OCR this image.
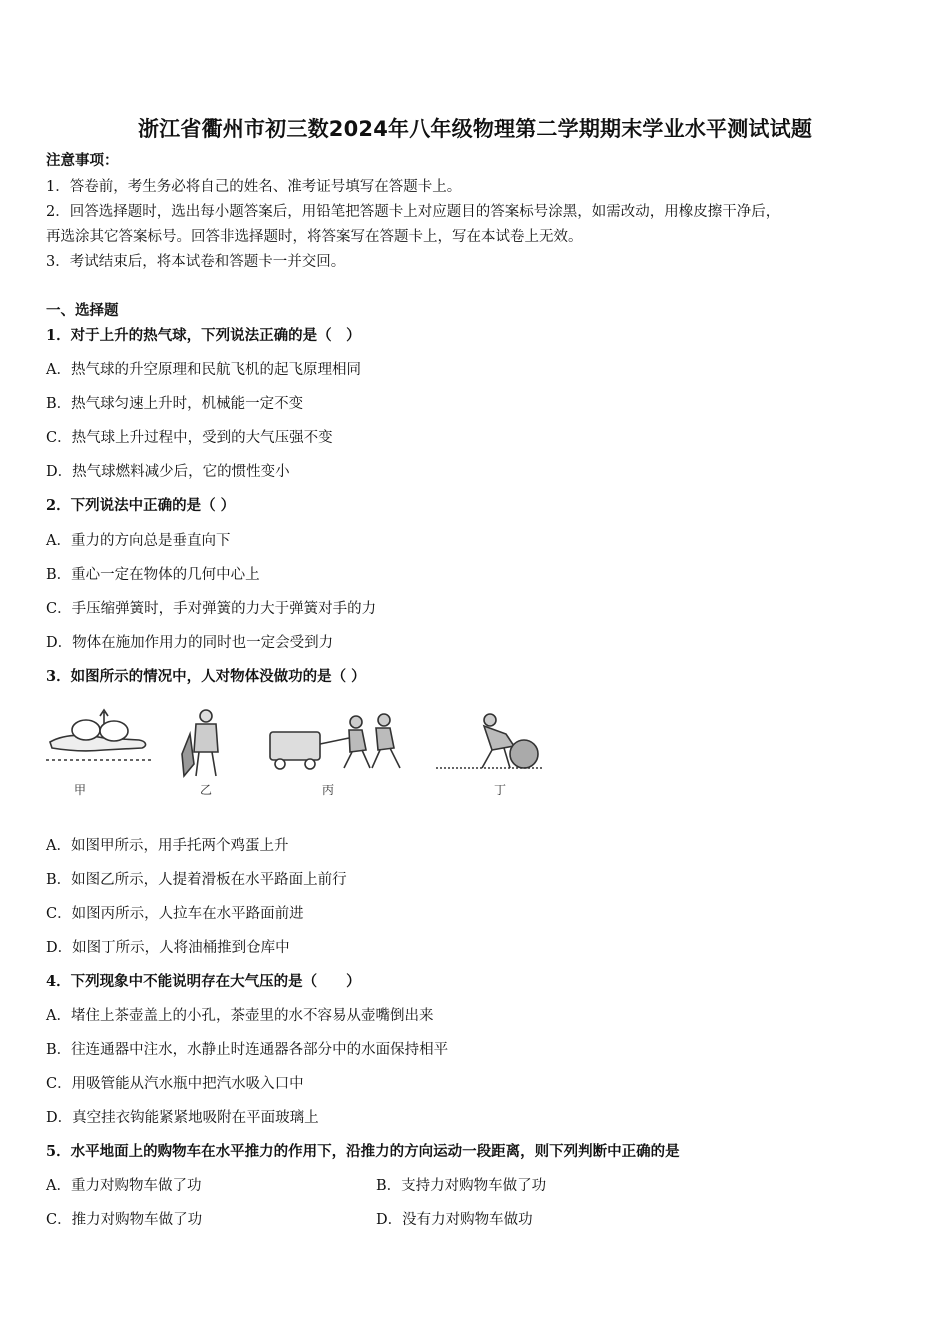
浙江省衢州市初三数2024年八年级物理第二学期期末学业水平测试试题
注意事项：
1．答卷前，考生务必将自己的姓名、准考证号填写在答题卡上。
2．回答选择题时，选出每小题答案后，用铅笔把答题卡上对应题目的答案标号涂黑，如需改动，用橡皮擦干净后，
再选涂其它答案标号。回答非选择题时，将答案写在答题卡上，写在本试卷上无效。
3．考试结束后，将本试卷和答题卡一并交回。
一、选择题
1．对于上升的热气球，下列说法正确的是（　）
A．热气球的升空原理和民航飞机的起飞原理相同
B．热气球匀速上升时，机械能一定不变
C．热气球上升过程中，受到的大气压强不变
D．热气球燃料减少后，它的惯性变小
2．下列说法中正确的是（ ）
A．重力的方向总是垂直向下
B．重心一定在物体的几何中心上
C．手压缩弹簧时，手对弹簧的力大于弹簧对手的力
D．物体在施加作用力的同时也一定会受到力
3．如图所示的情况中，人对物体没做功的是（ ）
甲	乙	丙	丁
A．如图甲所示，用手托两个鸡蛋上升
B．如图乙所示，人提着滑板在水平路面上前行
C．如图丙所示，人拉车在水平路面前进
D．如图丁所示，人将油桶推到仓库中
4．下列现象中不能说明存在大气压的是（　　）
A．堵住上茶壶盖上的小孔，茶壶里的水不容易从壶嘴倒出来
B．往连通器中注水，水静止时连通器各部分中的水面保持相平
C．用吸管能从汽水瓶中把汽水吸入口中
D．真空挂衣钩能紧紧地吸附在平面玻璃上
5．水平地面上的购物车在水平推力的作用下，沿推力的方向运动一段距离，则下列判断中正确的是
A．重力对购物车做了功	B．支持力对购物车做了功
C．推力对购物车做了功	D．没有力对购物车做功
